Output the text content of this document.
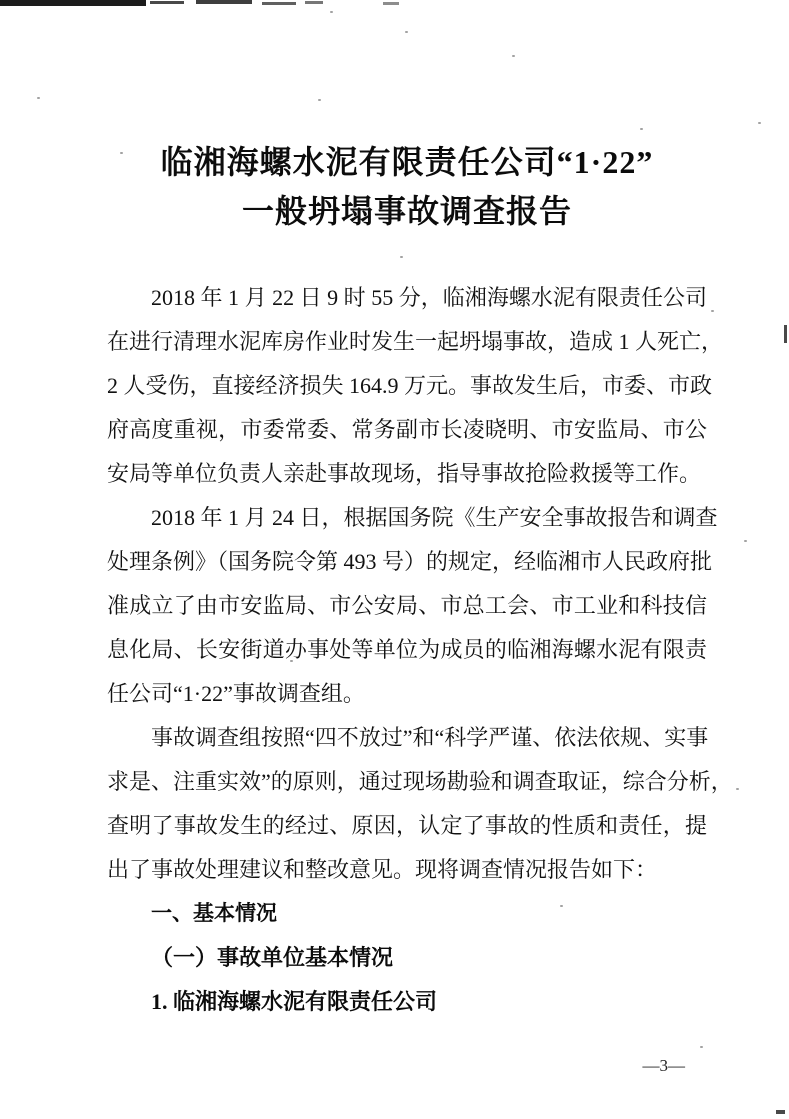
临湘海螺水泥有限责任公司“1·22”
一般坍塌事故调查报告
2018 年 1 月 22 日 9 时 55 分，临湘海螺水泥有限责任公司
在进行清理水泥库房作业时发生一起坍塌事故，造成 1 人死亡，
2 人受伤，直接经济损失 164.9 万元。事故发生后，市委、市政
府高度重视，市委常委、常务副市长凌晓明、市安监局、市公
安局等单位负责人亲赴事故现场，指导事故抢险救援等工作。
2018 年 1 月 24 日，根据国务院《生产安全事故报告和调查
处理条例》（国务院令第 493 号）的规定，经临湘市人民政府批
准成立了由市安监局、市公安局、市总工会、市工业和科技信
息化局、长安街道办事处等单位为成员的临湘海螺水泥有限责
任公司“1·22”事故调查组。
事故调查组按照“四不放过”和“科学严谨、依法依规、实事
求是、注重实效”的原则，通过现场勘验和调查取证，综合分析，
查明了事故发生的经过、原因，认定了事故的性质和责任，提
出了事故处理建议和整改意见。现将调查情况报告如下：
一、基本情况
（一）事故单位基本情况
1. 临湘海螺水泥有限责任公司
—3—
